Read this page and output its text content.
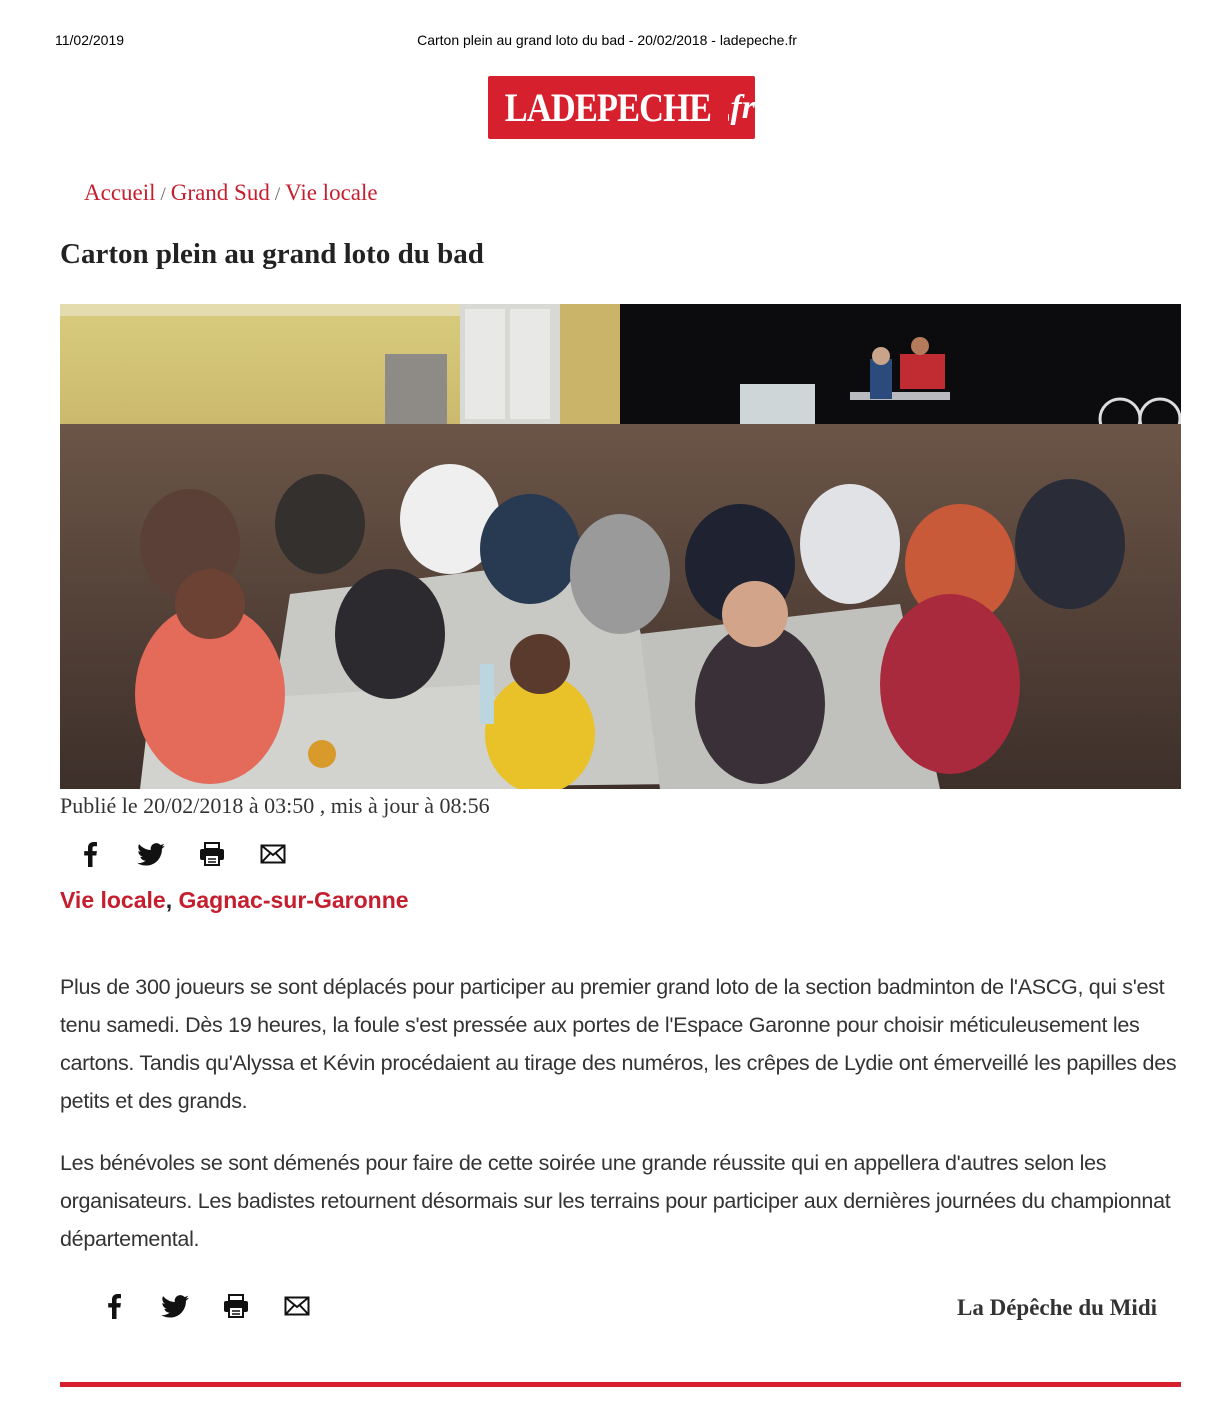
11/02/2019	Carton plein au grand loto du bad - 20/02/2018 - ladepeche.fr
LADEPECHE fr
Accueil / Grand Sud / Vie locale
Carton plein au grand loto du bad
Publié le 20/02/2018 à 03:50 , mis à jour à 08:56
Vie locale, Gagnac-sur-Garonne

Plus de 300 joueurs se sont déplacés pour participer au premier grand loto de la section badminton de l'ASCG, qui s'est tenu samedi. Dès 19 heures, la foule s'est pressée aux portes de l'Espace Garonne pour choisir méticuleusement les cartons. Tandis qu'Alyssa et Kévin procédaient au tirage des numéros, les crêpes de Lydie ont émerveillé les papilles des petits et des grands.

Les bénévoles se sont démenés pour faire de cette soirée une grande réussite qui en appellera d'autres selon les organisateurs. Les badistes retournent désormais sur les terrains pour participer aux dernières journées du championnat départemental.

La Dépêche du Midi
